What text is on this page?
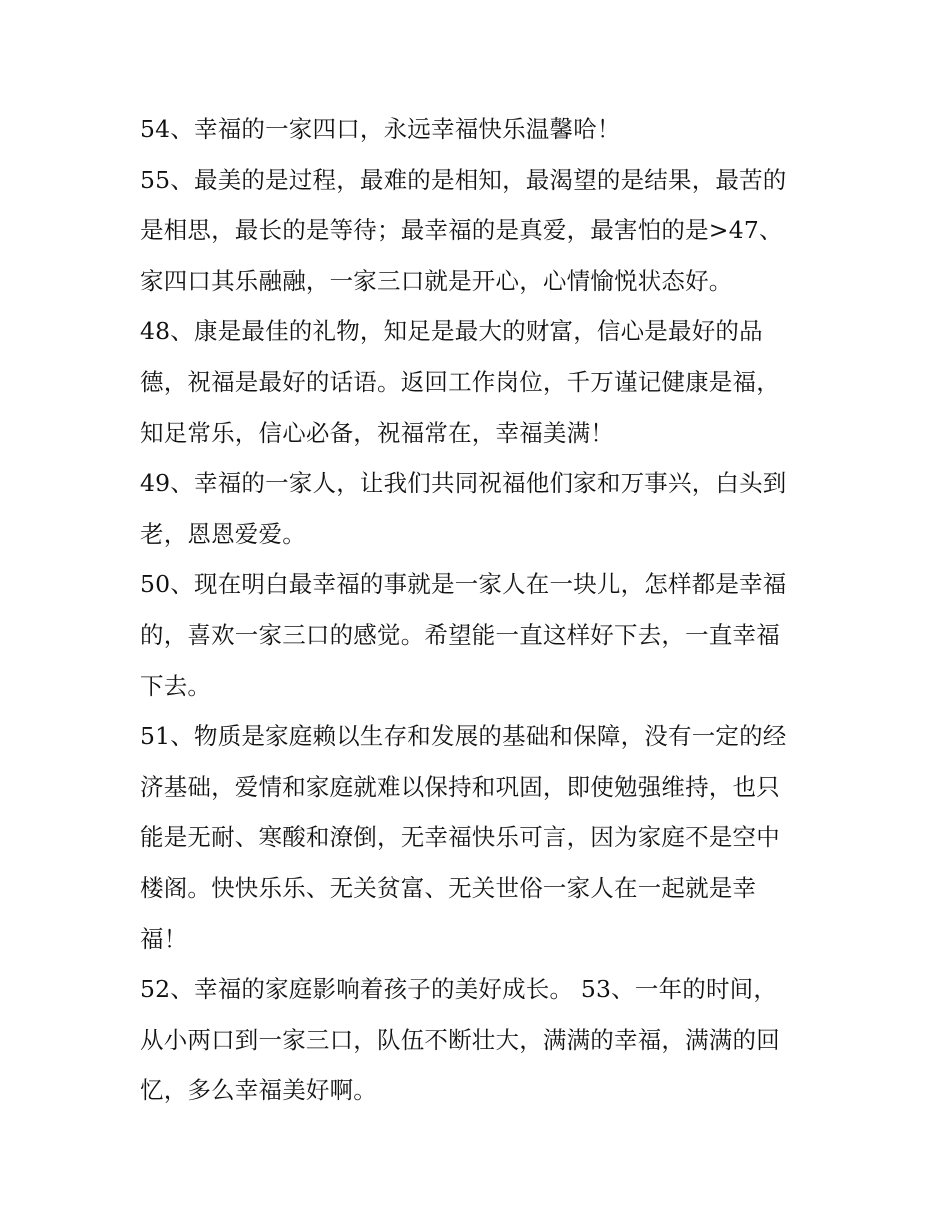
54、幸福的一家四口，永远幸福快乐温馨哈！
55、最美的是过程，最难的是相知，最渴望的是结果，最苦的
是相思，最长的是等待；最幸福的是真爱，最害怕的是>47、
家四口其乐融融，一家三口就是开心，心情愉悦状态好。
48、康是最佳的礼物，知足是最大的财富，信心是最好的品
德，祝福是最好的话语。返回工作岗位，千万谨记健康是福，
知足常乐，信心必备，祝福常在，幸福美满！
49、幸福的一家人，让我们共同祝福他们家和万事兴，白头到
老，恩恩爱爱。
50、现在明白最幸福的事就是一家人在一块儿，怎样都是幸福
的，喜欢一家三口的感觉。希望能一直这样好下去，一直幸福
下去。
51、物质是家庭赖以生存和发展的基础和保障，没有一定的经
济基础，爱情和家庭就难以保持和巩固，即使勉强维持，也只
能是无耐、寒酸和潦倒，无幸福快乐可言，因为家庭不是空中
楼阁。快快乐乐、无关贫富、无关世俗一家人在一起就是幸
福！
52、幸福的家庭影响着孩子的美好成长。 53、一年的时间，
从小两口到一家三口，队伍不断壮大，满满的幸福，满满的回
忆，多么幸福美好啊。
